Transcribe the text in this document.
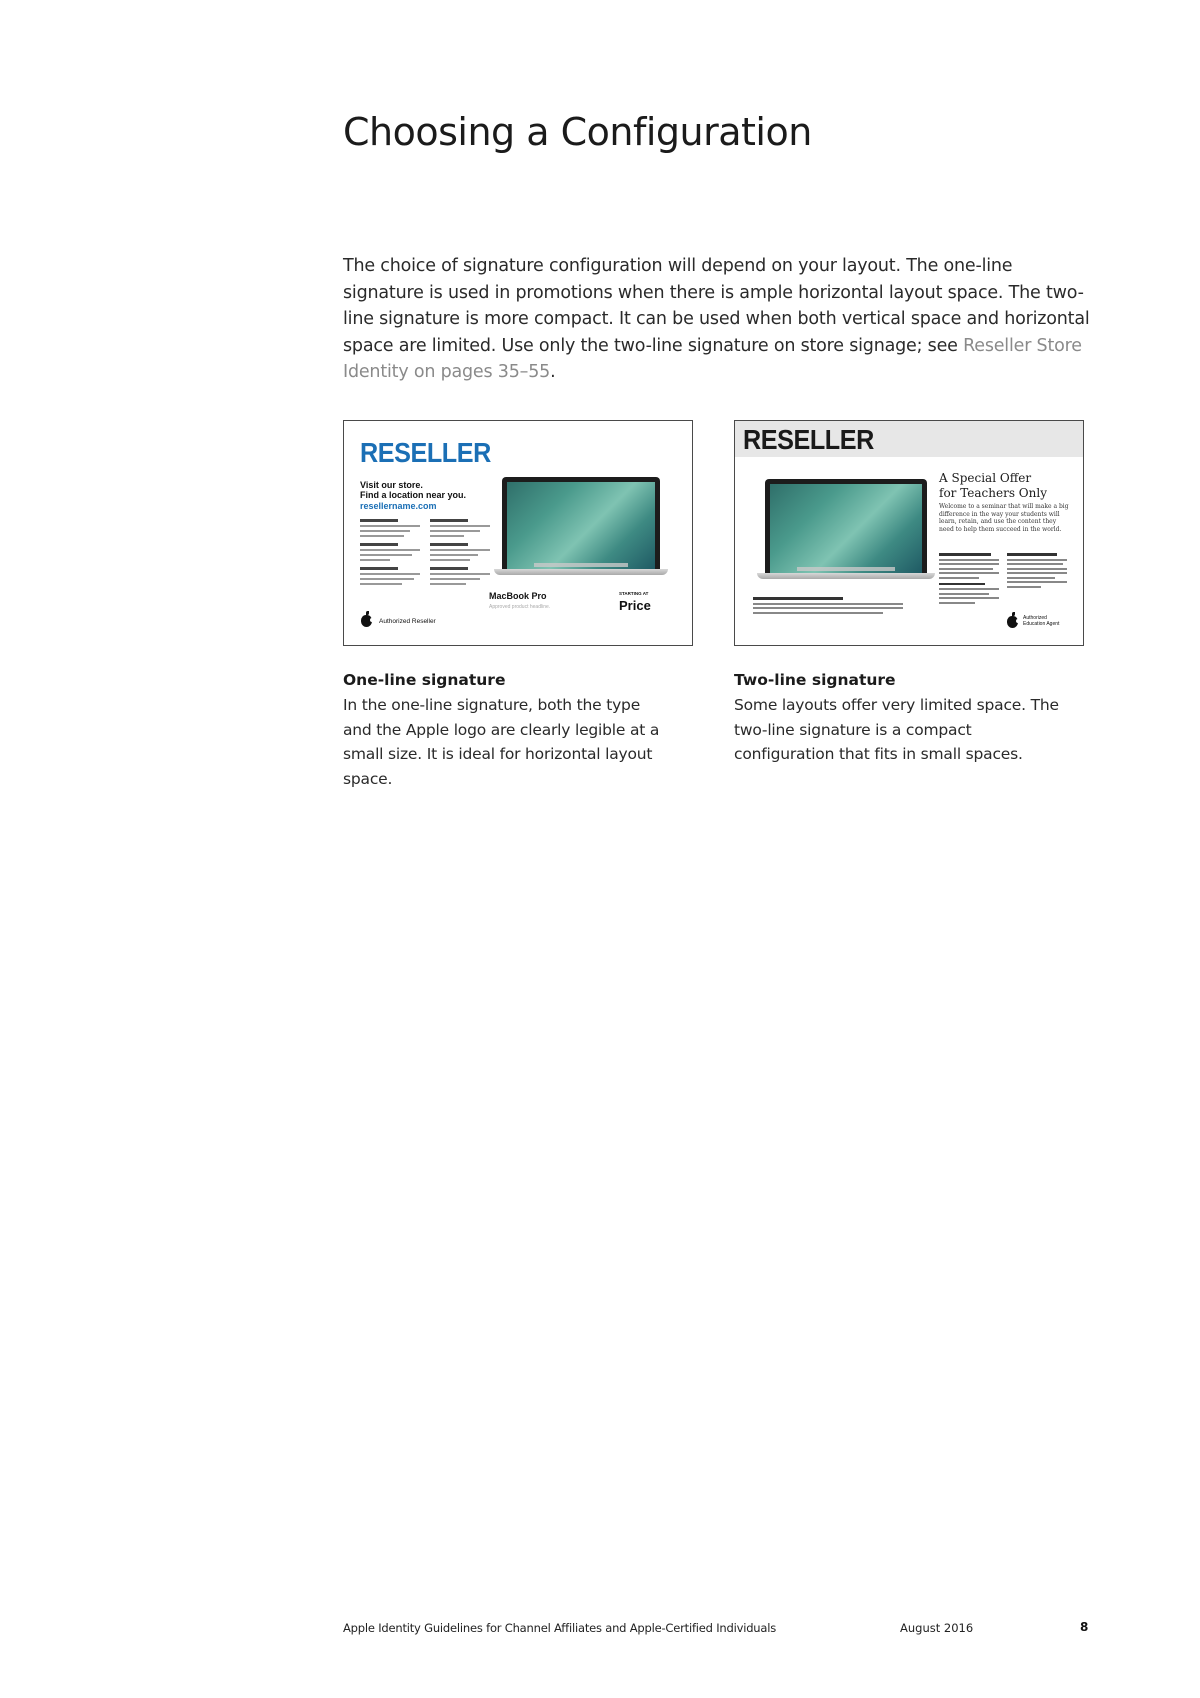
Choosing a Configuration

The choice of signature configuration will depend on your layout. The one-line signature is used in promotions when there is ample horizontal layout space. The two-line signature is more compact. It can be used when both vertical space and horizontal space are limited. Use only the two-line signature on store signage; see Reseller Store Identity on pages 35–55.

RESELLER
Visit our store.
Find a location near you.
resellername.com
MacBook Pro
Approved product headline.
STARTING AT
Price
Authorized Reseller
RESELLER
A Special Offer
for Teachers Only
Welcome to a seminar that will make a big difference in the way your students will learn, retain, and use the content they need to help them succeed in the world.
Authorized
Education Agent
One-line signature

In the one-line signature, both the type and the Apple logo are clearly legible at a small size. It is ideal for horizontal layout space.

Two-line signature

Some layouts offer very limited space. The two-line signature is a compact configuration that fits in small spaces.

Apple Identity Guidelines for Channel Affiliates and Apple-Certified Individuals	August 2016	8
